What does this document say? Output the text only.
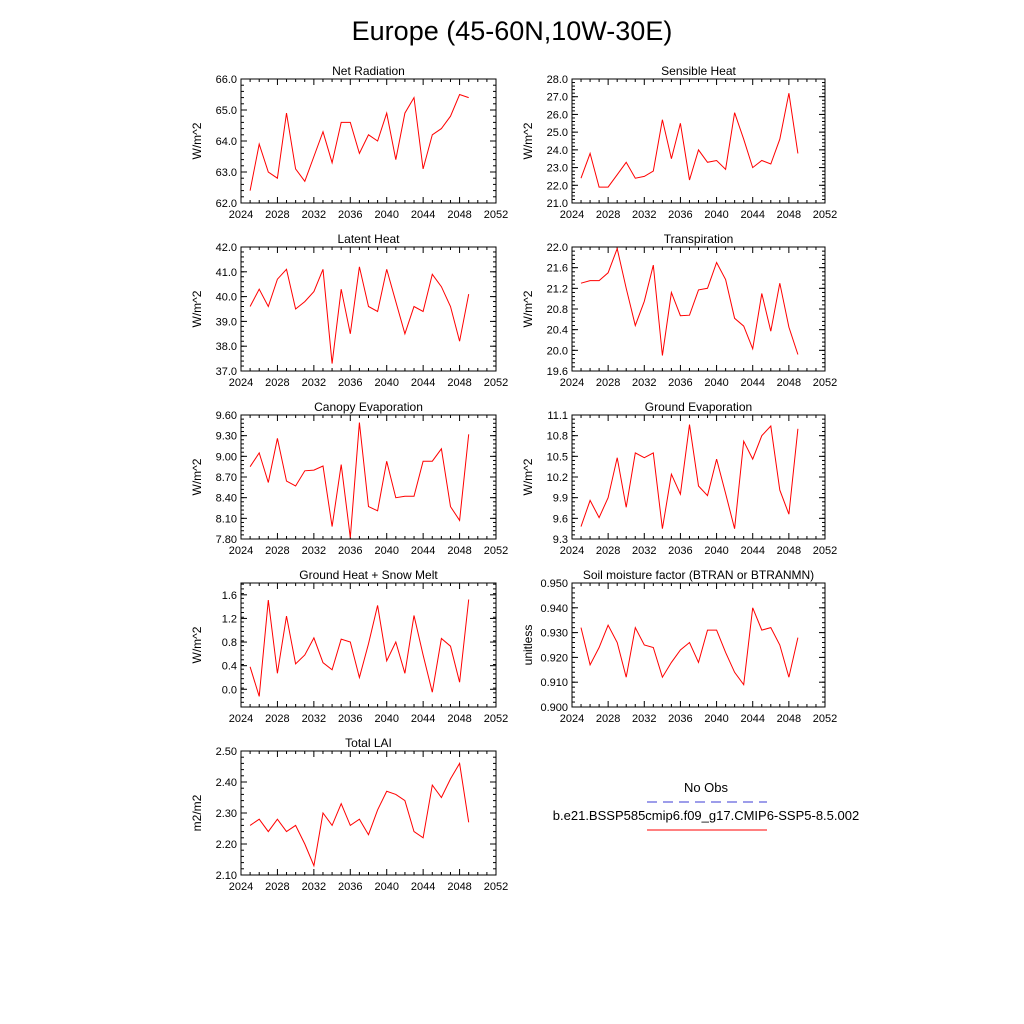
Europe (45-60N,10W-30E)
No Obs
b.e21.BSSP585cmip6.f09_g17.CMIP6-SSP5-8.5.002
Net Radiation
W/m^2
2024 2028 2032 2036 2040 2044 2048 2052
62.0
63.0
64.0
65.0
66.0
Sensible Heat
W/m^2
2024 2028 2032 2036 2040 2044 2048 2052
21.0
22.0
23.0
24.0
25.0
26.0
27.0
28.0
Latent Heat
W/m^2
2024 2028 2032 2036 2040 2044 2048 2052
37.0
38.0
39.0
40.0
41.0
42.0
Transpiration
W/m^2
2024 2028 2032 2036 2040 2044 2048 2052
19.6
20.0
20.4
20.8
21.2
21.6
22.0
Canopy Evaporation
W/m^2
2024 2028 2032 2036 2040 2044 2048 2052
7.80
8.10
8.40
8.70
9.00
9.30
9.60
Ground Evaporation
W/m^2
2024 2028 2032 2036 2040 2044 2048 2052
9.3
9.6
9.9
10.2
10.5
10.8
11.1
Ground Heat + Snow Melt
W/m^2
2024 2028 2032 2036 2040 2044 2048 2052
0.0
0.4
0.8
1.2
1.6
Soil moisture factor (BTRAN or BTRANMN)
unitless
2024 2028 2032 2036 2040 2044 2048 2052
0.900
0.910
0.920
0.930
0.940
0.950
Total LAI
m2/m2
2024 2028 2032 2036 2040 2044 2048 2052
2.10
2.20
2.30
2.40
2.50
